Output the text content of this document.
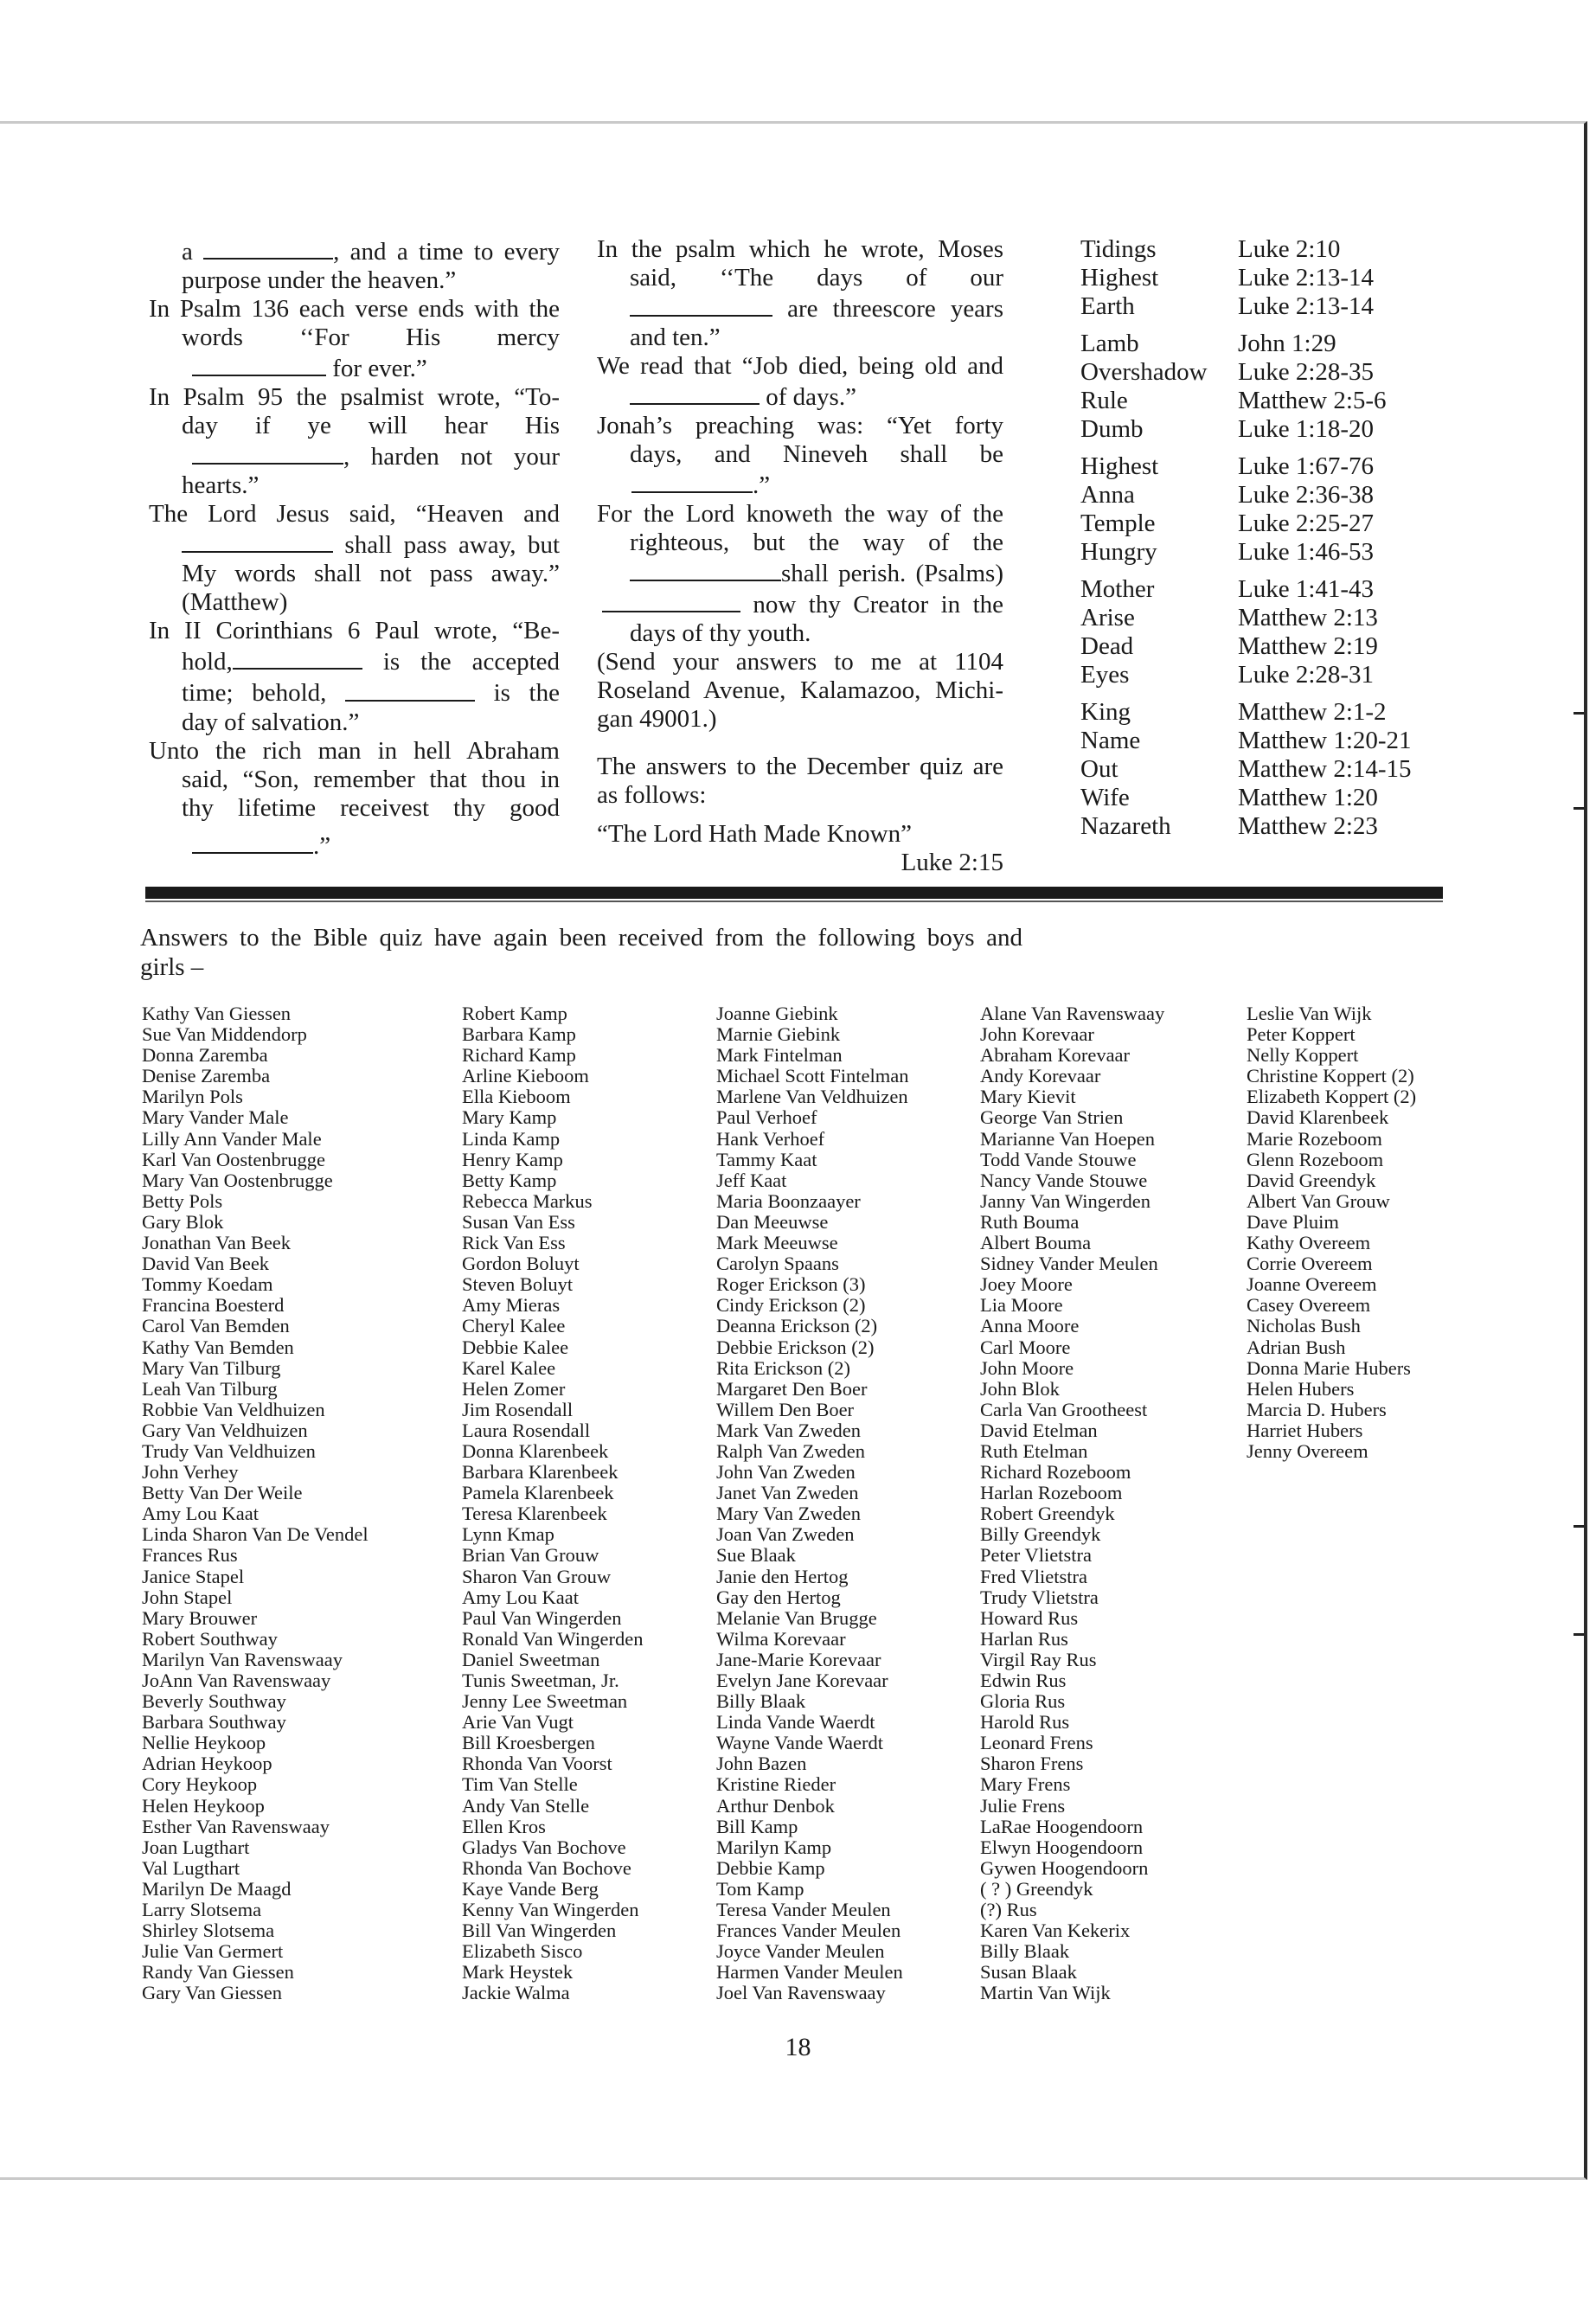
a	, and a time to every
purpose under the heaven.”
In Psalm 136 each verse ends with the
words ‘‘For His mercy
for ever.”
In Psalm 95 the psalmist wrote, “To-
day if ye will hear His
, harden not your
hearts.”
The Lord Jesus said, “Heaven and
shall pass away, but
My words shall not pass away.”
(Matthew)
In II Corinthians 6 Paul wrote, “Be-
hold,	is the accepted
time; behold,	is the
day of salvation.”
Unto the rich man in hell Abraham
said, “Son, remember that thou in
thy lifetime receivest thy good
.”
In the psalm which he wrote, Moses
said, ‘‘The days of our
are threescore years
and ten.”
We read that “Job died, being old and
of days.”
Jonah’s preaching was: “Yet forty
days, and Nineveh shall be
.”
For the Lord knoweth the way of the
righteous, but the way of the
shall perish. (Psalms)
now thy Creator in the
days of thy youth.
(Send your answers to me at 1104
Roseland Avenue, Kalamazoo, Michi-
gan 49001.)
The answers to the December quiz are
as follows:
“The Lord Hath Made Known”
Luke 2:15
Tidings	Luke 2:10
Highest	Luke 2:13-14
Earth	Luke 2:13-14
Lamb	John 1:29
Overshadow	Luke 2:28-35
Rule	Matthew 2:5-6
Dumb	Luke 1:18-20
Highest	Luke 1:67-76
Anna	Luke 2:36-38
Temple	Luke 2:25-27
Hungry	Luke 1:46-53
Mother	Luke 1:41-43
Arise	Matthew 2:13
Dead	Matthew 2:19
Eyes	Luke 2:28-31
King	Matthew 2:1-2
Name	Matthew 1:20-21
Out	Matthew 2:14-15
Wife	Matthew 1:20
Nazareth	Matthew 2:23
Answers to the Bible quiz have again been received from the following boys and
girls –
Kathy Van Giessen
Sue Van Middendorp
Donna Zaremba
Denise Zaremba
Marilyn Pols
Mary Vander Male
Lilly Ann Vander Male
Karl Van Oostenbrugge
Mary Van Oostenbrugge
Betty Pols
Gary Blok
Jonathan Van Beek
David Van Beek
Tommy Koedam
Francina Boesterd
Carol Van Bemden
Kathy Van Bemden
Mary Van Tilburg
Leah Van Tilburg
Robbie Van Veldhuizen
Gary Van Veldhuizen
Trudy Van Veldhuizen
John Verhey
Betty Van Der Weile
Amy Lou Kaat
Linda Sharon Van De Vendel
Frances Rus
Janice Stapel
John Stapel
Mary Brouwer
Robert Southway
Marilyn Van Ravenswaay
JoAnn Van Ravenswaay
Beverly Southway
Barbara Southway
Nellie Heykoop
Adrian Heykoop
Cory Heykoop
Helen Heykoop
Esther Van Ravenswaay
Joan Lugthart
Val Lugthart
Marilyn De Maagd
Larry Slotsema
Shirley Slotsema
Julie Van Germert
Randy Van Giessen
Gary Van Giessen
Robert Kamp
Barbara Kamp
Richard Kamp
Arline Kieboom
Ella Kieboom
Mary Kamp
Linda Kamp
Henry Kamp
Betty Kamp
Rebecca Markus
Susan Van Ess
Rick Van Ess
Gordon Boluyt
Steven Boluyt
Amy Mieras
Cheryl Kalee
Debbie Kalee
Karel Kalee
Helen Zomer
Jim Rosendall
Laura Rosendall
Donna Klarenbeek
Barbara Klarenbeek
Pamela Klarenbeek
Teresa Klarenbeek
Lynn Kmap
Brian Van Grouw
Sharon Van Grouw
Amy Lou Kaat
Paul Van Wingerden
Ronald Van Wingerden
Daniel Sweetman
Tunis Sweetman, Jr.
Jenny Lee Sweetman
Arie Van Vugt
Bill Kroesbergen
Rhonda Van Voorst
Tim Van Stelle
Andy Van Stelle
Ellen Kros
Gladys Van Bochove
Rhonda Van Bochove
Kaye Vande Berg
Kenny Van Wingerden
Bill Van Wingerden
Elizabeth Sisco
Mark Heystek
Jackie Walma
Joanne Giebink
Marnie Giebink
Mark Fintelman
Michael Scott Fintelman
Marlene Van Veldhuizen
Paul Verhoef
Hank Verhoef
Tammy Kaat
Jeff Kaat
Maria Boonzaayer
Dan Meeuwse
Mark Meeuwse
Carolyn Spaans
Roger Erickson (3)
Cindy Erickson (2)
Deanna Erickson (2)
Debbie Erickson (2)
Rita Erickson (2)
Margaret Den Boer
Willem Den Boer
Mark Van Zweden
Ralph Van Zweden
John Van Zweden
Janet Van Zweden
Mary Van Zweden
Joan Van Zweden
Sue Blaak
Janie den Hertog
Gay den Hertog
Melanie Van Brugge
Wilma Korevaar
Jane-Marie Korevaar
Evelyn Jane Korevaar
Billy Blaak
Linda Vande Waerdt
Wayne Vande Waerdt
John Bazen
Kristine Rieder
Arthur Denbok
Bill Kamp
Marilyn Kamp
Debbie Kamp
Tom Kamp
Teresa Vander Meulen
Frances Vander Meulen
Joyce Vander Meulen
Harmen Vander Meulen
Joel Van Ravenswaay
Alane Van Ravenswaay
John Korevaar
Abraham Korevaar
Andy Korevaar
Mary Kievit
George Van Strien
Marianne Van Hoepen
Todd Vande Stouwe
Nancy Vande Stouwe
Janny Van Wingerden
Ruth Bouma
Albert Bouma
Sidney Vander Meulen
Joey Moore
Lia Moore
Anna Moore
Carl Moore
John Moore
John Blok
Carla Van Grootheest
David Etelman
Ruth Etelman
Richard Rozeboom
Harlan Rozeboom
Robert Greendyk
Billy Greendyk
Peter Vlietstra
Fred Vlietstra
Trudy Vlietstra
Howard Rus
Harlan Rus
Virgil Ray Rus
Edwin Rus
Gloria Rus
Harold Rus
Leonard Frens
Sharon Frens
Mary Frens
Julie Frens
LaRae Hoogendoorn
Elwyn Hoogendoorn
Gywen Hoogendoorn
( ? ) Greendyk
(?) Rus
Karen Van Kekerix
Billy Blaak
Susan Blaak
Martin Van Wijk
Leslie Van Wijk
Peter Koppert
Nelly Koppert
Christine Koppert (2)
Elizabeth Koppert (2)
David Klarenbeek
Marie Rozeboom
Glenn Rozeboom
David Greendyk
Albert Van Grouw
Dave Pluim
Kathy Overeem
Corrie Overeem
Joanne Overeem
Casey Overeem
Nicholas Bush
Adrian Bush
Donna Marie Hubers
Helen Hubers
Marcia D. Hubers
Harriet Hubers
Jenny Overeem
18
